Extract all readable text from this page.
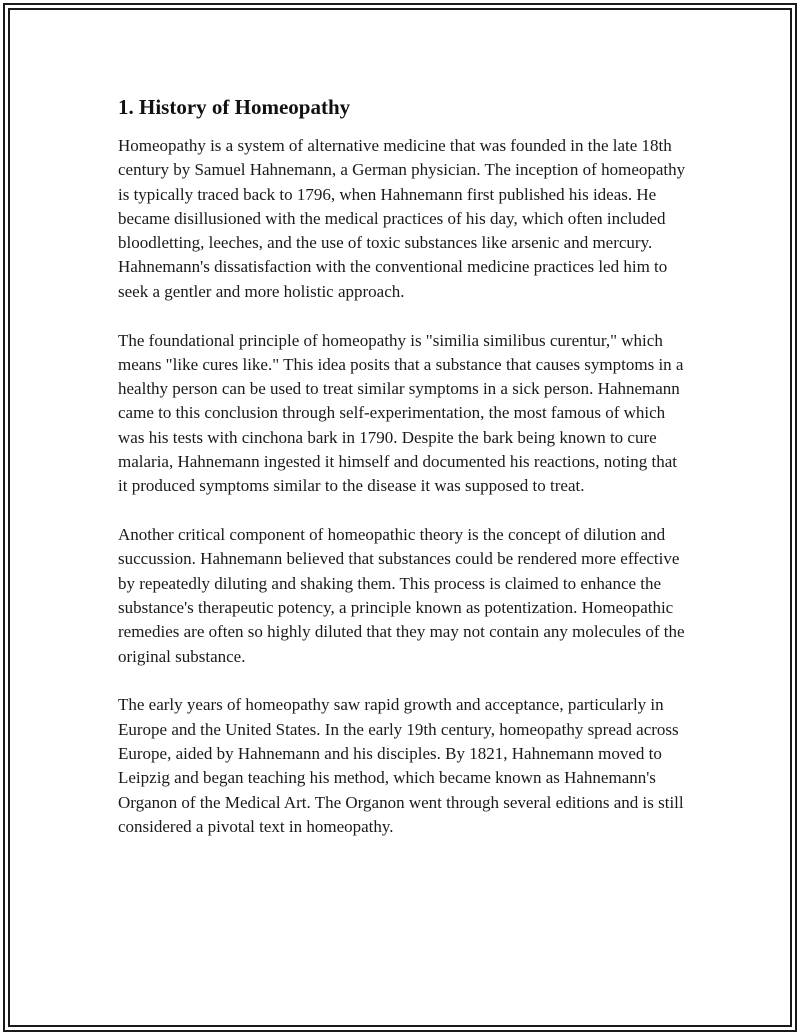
1. History of Homeopathy

Homeopathy is a system of alternative medicine that was founded in the late 18th century by Samuel Hahnemann, a German physician. The inception of homeopathy is typically traced back to 1796, when Hahnemann first published his ideas. He became disillusioned with the medical practices of his day, which often included bloodletting, leeches, and the use of toxic substances like arsenic and mercury. Hahnemann's dissatisfaction with the conventional medicine practices led him to seek a gentler and more holistic approach.

The foundational principle of homeopathy is "similia similibus curentur," which means "like cures like." This idea posits that a substance that causes symptoms in a healthy person can be used to treat similar symptoms in a sick person. Hahnemann came to this conclusion through self-experimentation, the most famous of which was his tests with cinchona bark in 1790. Despite the bark being known to cure malaria, Hahnemann ingested it himself and documented his reactions, noting that it produced symptoms similar to the disease it was supposed to treat.

Another critical component of homeopathic theory is the concept of dilution and succussion. Hahnemann believed that substances could be rendered more effective by repeatedly diluting and shaking them. This process is claimed to enhance the substance's therapeutic potency, a principle known as potentization. Homeopathic remedies are often so highly diluted that they may not contain any molecules of the original substance.

The early years of homeopathy saw rapid growth and acceptance, particularly in Europe and the United States. In the early 19th century, homeopathy spread across Europe, aided by Hahnemann and his disciples. By 1821, Hahnemann moved to Leipzig and began teaching his method, which became known as Hahnemann's Organon of the Medical Art. The Organon went through several editions and is still considered a pivotal text in homeopathy.
